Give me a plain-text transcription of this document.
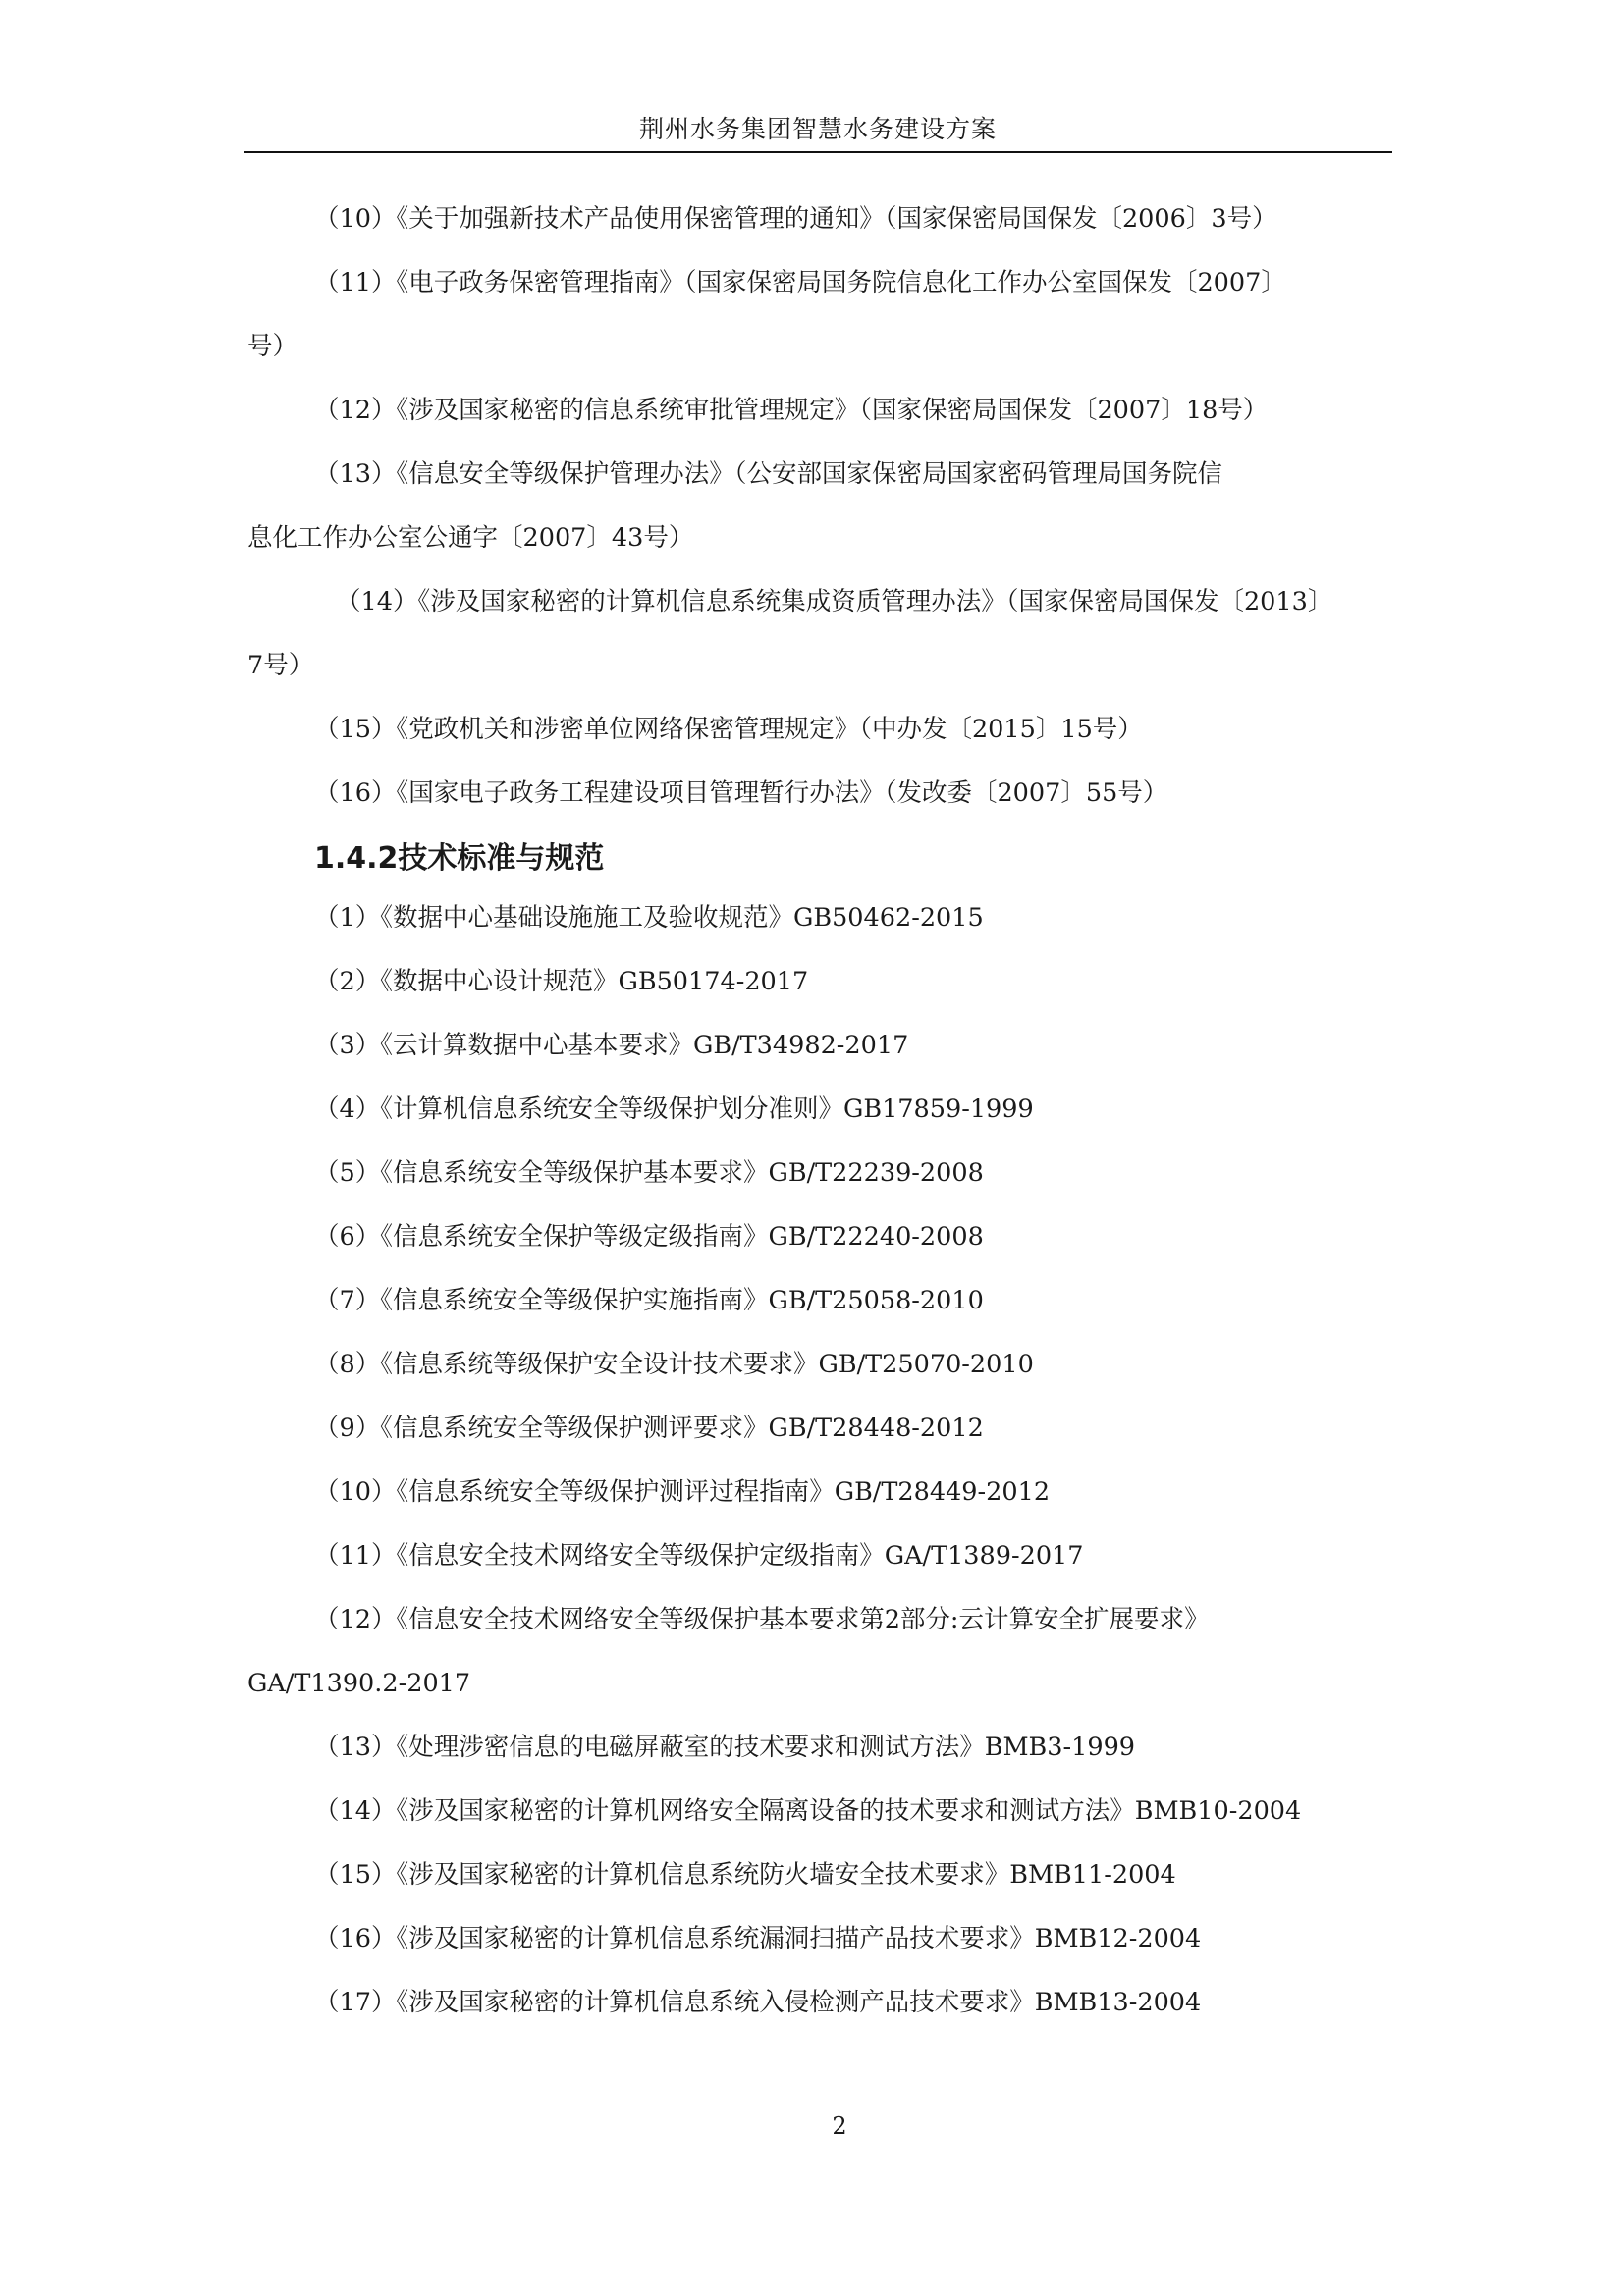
荆州水务集团智慧水务建设方案
（10）《关于加强新技术产品使用保密管理的通知》（国家保密局国保发〔2006〕3号）
（11）《电子政务保密管理指南》（国家保密局国务院信息化工作办公室国保发〔2007〕
号）
（12）《涉及国家秘密的信息系统审批管理规定》（国家保密局国保发〔2007〕18号）
（13）《信息安全等级保护管理办法》（公安部国家保密局国家密码管理局国务院信
息化工作办公室公通字〔2007〕43号）
（14）《涉及国家秘密的计算机信息系统集成资质管理办法》（国家保密局国保发〔2013〕
7号）
（15）《党政机关和涉密单位网络保密管理规定》（中办发〔2015〕15号）
（16）《国家电子政务工程建设项目管理暂行办法》（发改委〔2007〕55号）
1.4.2技术标准与规范
（1）《数据中心基础设施施工及验收规范》GB50462-2015
（2）《数据中心设计规范》GB50174-2017
（3）《云计算数据中心基本要求》GB/T34982-2017
（4）《计算机信息系统安全等级保护划分准则》GB17859-1999
（5）《信息系统安全等级保护基本要求》GB/T22239-2008
（6）《信息系统安全保护等级定级指南》GB/T22240-2008
（7）《信息系统安全等级保护实施指南》GB/T25058-2010
（8）《信息系统等级保护安全设计技术要求》GB/T25070-2010
（9）《信息系统安全等级保护测评要求》GB/T28448-2012
（10）《信息系统安全等级保护测评过程指南》GB/T28449-2012
（11）《信息安全技术网络安全等级保护定级指南》GA/T1389-2017
（12）《信息安全技术网络安全等级保护基本要求第2部分:云计算安全扩展要求》
GA/T1390.2-2017
（13）《处理涉密信息的电磁屏蔽室的技术要求和测试方法》BMB3-1999
（14）《涉及国家秘密的计算机网络安全隔离设备的技术要求和测试方法》BMB10-2004
（15）《涉及国家秘密的计算机信息系统防火墙安全技术要求》BMB11-2004
（16）《涉及国家秘密的计算机信息系统漏洞扫描产品技术要求》BMB12-2004
（17）《涉及国家秘密的计算机信息系统入侵检测产品技术要求》BMB13-2004
2
